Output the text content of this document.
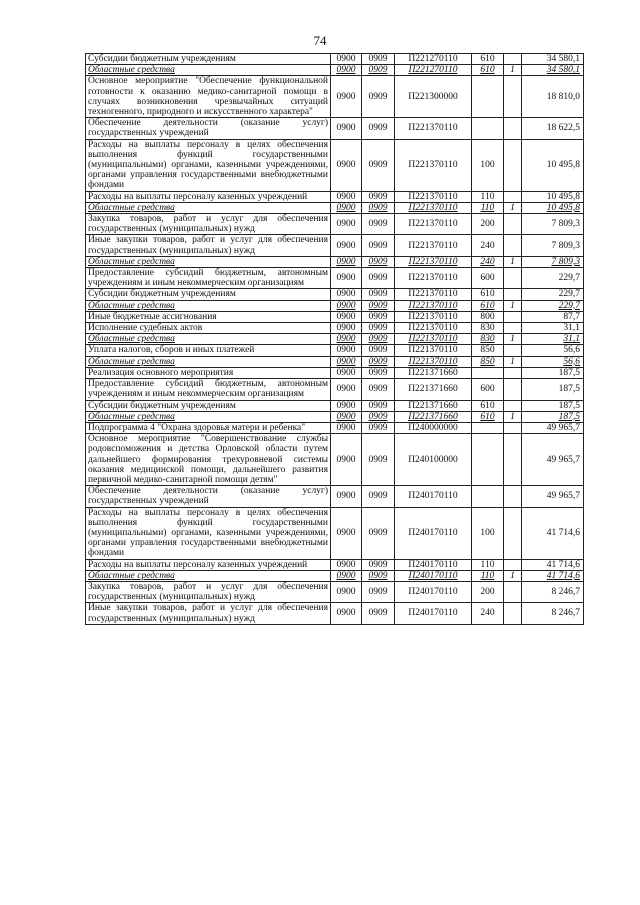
74
Субсидии бюджетным учреждениям	0900	0909	П221270110	610		34 580,1
Областные средства	0900	0909	П221270110	610	1	34 580,1
Основное мероприятие "Обеспечение функциональной готовности к оказанию медико-санитарной помощи в случаях возникновения чрезвычайных ситуаций техногенного, природного и искусственного характера"	0900	0909	П221300000			18 810,0
Обеспечение деятельности (оказание услуг) государственных учреждений	0900	0909	П221370110			18 622,5
Расходы на выплаты персоналу в целях обеспечения выполнения функций государственными (муниципальными) органами, казенными учреждениями, органами управления государственными внебюджетными фондами	0900	0909	П221370110	100		10 495,8
Расходы на выплаты персоналу казенных учреждений	0900	0909	П221370110	110		10 495,8
Областные средства	0900	0909	П221370110	110	1	10 495,8
Закупка товаров, работ и услуг для обеспечения государственных (муниципальных) нужд	0900	0909	П221370110	200		7 809,3
Иные закупки товаров, работ и услуг для обеспечения государственных (муниципальных) нужд	0900	0909	П221370110	240		7 809,3
Областные средства	0900	0909	П221370110	240	1	7 809,3
Предоставление субсидий бюджетным, автономным учреждениям и иным некоммерческим организациям	0900	0909	П221370110	600		229,7
Субсидии бюджетным учреждениям	0900	0909	П221370110	610		229,7
Областные средства	0900	0909	П221370110	610	1	229,7
Иные бюджетные ассигнования	0900	0909	П221370110	800		87,7
Исполнение судебных актов	0900	0909	П221370110	830		31,1
Областные средства	0900	0909	П221370110	830	1	31,1
Уплата налогов, сборов и иных платежей	0900	0909	П221370110	850		56,6
Областные средства	0900	0909	П221370110	850	1	56,6
Реализация основного мероприятия	0900	0909	П221371660			187,5
Предоставление субсидий бюджетным, автономным учреждениям и иным некоммерческим организациям	0900	0909	П221371660	600		187,5
Субсидии бюджетным учреждениям	0900	0909	П221371660	610		187,5
Областные средства	0900	0909	П221371660	610	1	187,5
Подпрограмма 4 "Охрана здоровья матери и ребенка"	0900	0909	П240000000			49 965,7
Основное мероприятие "Совершенствование службы родовспоможения и детства Орловской области путем дальнейшего формирования трехуровневой системы оказания медицинской помощи, дальнейшего развития первичной медико-санитарной помощи детям"	0900	0909	П240100000			49 965,7
Обеспечение деятельности (оказание услуг) государственных учреждений	0900	0909	П240170110			49 965,7
Расходы на выплаты персоналу в целях обеспечения выполнения функций государственными (муниципальными) органами, казенными учреждениями, органами управления государственными внебюджетными фондами	0900	0909	П240170110	100		41 714,6
Расходы на выплаты персоналу казенных учреждений	0900	0909	П240170110	110		41 714,6
Областные средства	0900	0909	П240170110	110	1	41 714,6
Закупка товаров, работ и услуг для обеспечения государственных (муниципальных) нужд	0900	0909	П240170110	200		8 246,7
Иные закупки товаров, работ и услуг для обеспечения государственных (муниципальных) нужд	0900	0909	П240170110	240		8 246,7
